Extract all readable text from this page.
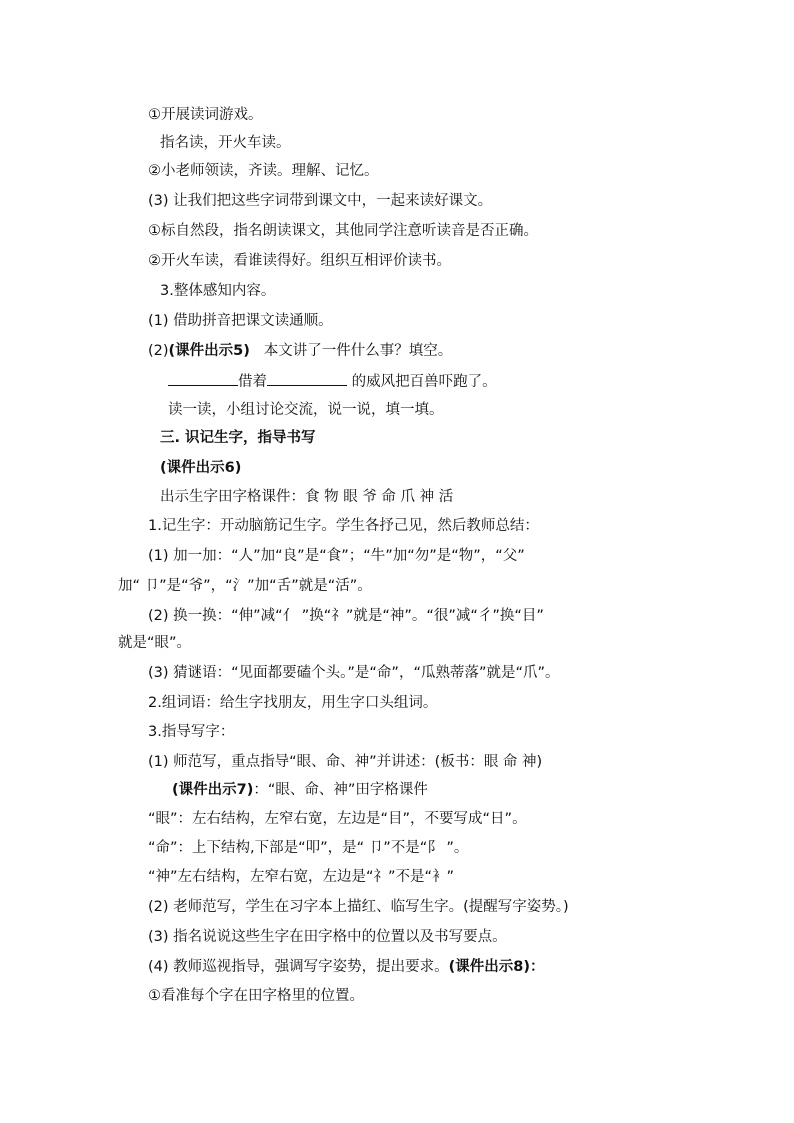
①开展读词游戏。
指名读，开火车读。
②小老师领读，齐读。理解、记忆。
(3) 让我们把这些字词带到课文中，一起来读好课文。
①标自然段，指名朗读课文，其他同学注意听读音是否正确。
②开火车读，看谁读得好。组织互相评价读书。
3.整体感知内容。
(1) 借助拼音把课文读通顺。
(2)(课件出示5) 本文讲了一件什么事？填空。
借着	的威风把百兽吓跑了。
读一读，小组讨论交流，说一说，填一填。
三. 识记生字，指导书写
(课件出示6)
出示生字田字格课件：食 物 眼 爷 命 爪 神 活
1.记生字：开动脑筋记生字。学生各抒己见，然后教师总结：
(1) 加一加：“人”加“良”是“食”；“牛”加“勿”是“物”，“父”
加“ 卩”是“爷”，“氵”加“舌”就是“活”。
(2) 换一换：“伸”减“亻 ”换“礻”就是“神”。“很”减“彳”换“目”
就是“眼”。
(3) 猜谜语：“见面都要磕个头。”是“命”，“瓜熟蒂落”就是“爪”。
2.组词语：给生字找朋友，用生字口头组词。
3.指导写字：
(1) 师范写，重点指导“眼、命、神”并讲述：(板书：眼 命 神)
(课件出示7)：“眼、命、神”田字格课件
“眼”：左右结构，左窄右宽，左边是“目”，不要写成“日”。
“命”：上下结构,下部是“叩”，是“ 卩”不是“阝 ”。
“神”左右结构，左窄右宽，左边是“礻”不是“衤”
(2) 老师范写，学生在习字本上描红、临写生字。(提醒写字姿势。)
(3) 指名说说这些生字在田字格中的位置以及书写要点。
(4) 教师巡视指导，强调写字姿势，提出要求。(课件出示8)：
①看准每个字在田字格里的位置。
